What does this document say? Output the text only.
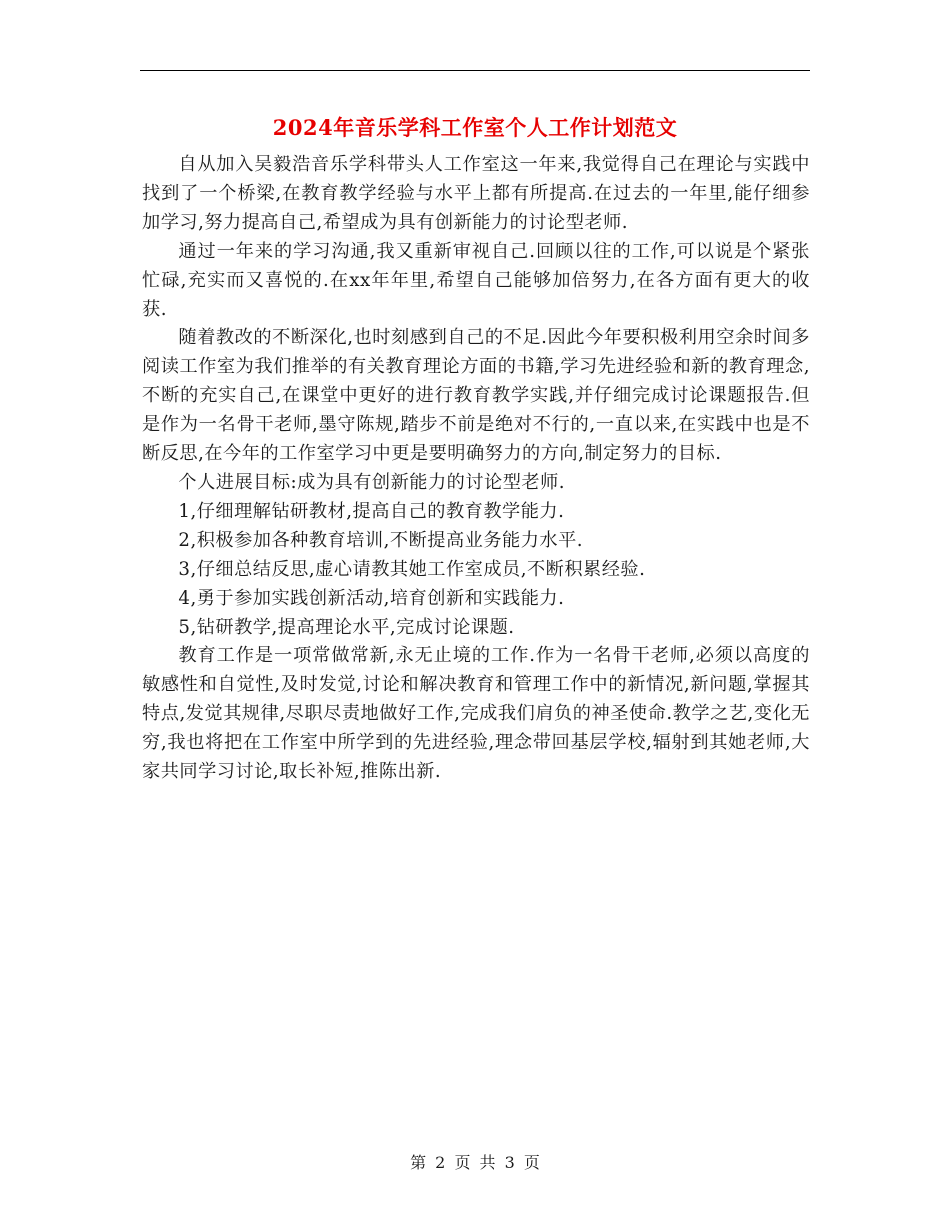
2024年音乐学科工作室个人工作计划范文

自从加入吴毅浩音乐学科带头人工作室这一年来,我觉得自己在理论与实践中找到了一个桥梁,在教育教学经验与水平上都有所提高.在过去的一年里,能仔细参加学习,努力提高自己,希望成为具有创新能力的讨论型老师.

通过一年来的学习沟通,我又重新审视自己.回顾以往的工作,可以说是个紧张忙碌,充实而又喜悦的.在xx年年里,希望自己能够加倍努力,在各方面有更大的收获.

随着教改的不断深化,也时刻感到自己的不足.因此今年要积极利用空余时间多阅读工作室为我们推举的有关教育理论方面的书籍,学习先进经验和新的教育理念,不断的充实自己,在课堂中更好的进行教育教学实践,并仔细完成讨论课题报告.但是作为一名骨干老师,墨守陈规,踏步不前是绝对不行的,一直以来,在实践中也是不断反思,在今年的工作室学习中更是要明确努力的方向,制定努力的目标.

个人进展目标:成为具有创新能力的讨论型老师.

1,仔细理解钻研教材,提高自己的教育教学能力.

2,积极参加各种教育培训,不断提高业务能力水平.

3,仔细总结反思,虚心请教其她工作室成员,不断积累经验.

4,勇于参加实践创新活动,培育创新和实践能力.

5,钻研教学,提高理论水平,完成讨论课题.

教育工作是一项常做常新,永无止境的工作.作为一名骨干老师,必须以高度的敏感性和自觉性,及时发觉,讨论和解决教育和管理工作中的新情况,新问题,掌握其特点,发觉其规律,尽职尽责地做好工作,完成我们肩负的神圣使命.教学之艺,变化无穷,我也将把在工作室中所学到的先进经验,理念带回基层学校,辐射到其她老师,大家共同学习讨论,取长补短,推陈出新.

第 2 页 共 3 页
